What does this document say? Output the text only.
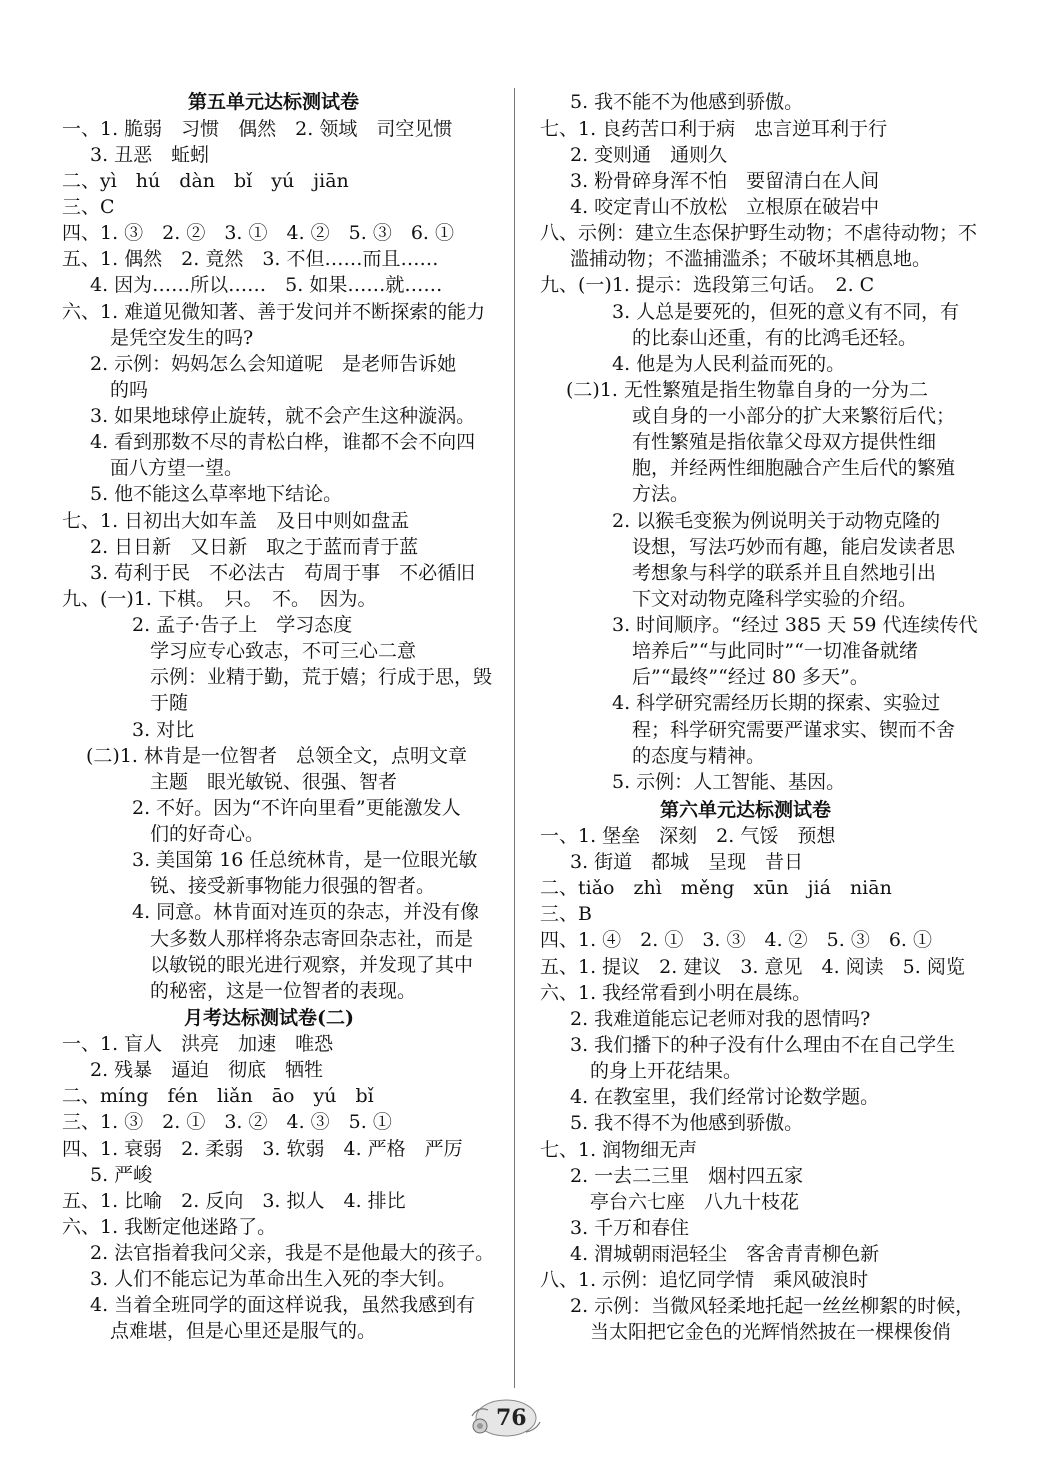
第五单元达标测试卷
一、1. 脆弱　习惯　偶然　2. 领域　司空见惯
3. 丑恶　蚯蚓
二、yì　hú　dàn　bǐ　yú　jiān
三、C
四、1. ③　2. ②　3. ①　4. ②　5. ③　6. ①
五、1. 偶然　2. 竟然　3. 不但……而且……
4. 因为……所以……　5. 如果……就……
六、1. 难道见微知著、善于发问并不断探索的能力
是凭空发生的吗?
2. 示例：妈妈怎么会知道呢　是老师告诉她
的吗
3. 如果地球停止旋转，就不会产生这种漩涡。
4. 看到那数不尽的青松白桦，谁都不会不向四
面八方望一望。
5. 他不能这么草率地下结论。
七、1. 日初出大如车盖　及日中则如盘盂
2. 日日新　又日新　取之于蓝而青于蓝
3. 苟利于民　不必法古　苟周于事　不必循旧
九、(一)1. 下棋。　只。　不。　因为。
2. 孟子·告子上　学习态度
学习应专心致志，不可三心二意
示例：业精于勤，荒于嬉；行成于思，毁
于随
3. 对比
(二)1. 林肯是一位智者　总领全文，点明文章
主题　眼光敏锐、很强、智者
2. 不好。因为“不许向里看”更能激发人
们的好奇心。
3. 美国第 16 任总统林肯，是一位眼光敏
锐、接受新事物能力很强的智者。
4. 同意。林肯面对连页的杂志，并没有像
大多数人那样将杂志寄回杂志社，而是
以敏锐的眼光进行观察，并发现了其中
的秘密，这是一位智者的表现。
月考达标测试卷(二)
一、1. 盲人　洪亮　加速　唯恐
2. 残暴　逼迫　彻底　牺牲
二、míng　fén　liǎn　āo　yú　bǐ
三、1. ③　2. ①　3. ②　4. ③　5. ①
四、1. 衰弱　2. 柔弱　3. 软弱　4. 严格　严厉
5. 严峻
五、1. 比喻　2. 反向　3. 拟人　4. 排比
六、1. 我断定他迷路了。
2. 法官指着我问父亲，我是不是他最大的孩子。
3. 人们不能忘记为革命出生入死的李大钊。
4. 当着全班同学的面这样说我，虽然我感到有
点难堪，但是心里还是服气的。
5. 我不能不为他感到骄傲。
七、1. 良药苦口利于病　忠言逆耳利于行
2. 变则通　通则久
3. 粉骨碎身浑不怕　要留清白在人间
4. 咬定青山不放松　立根原在破岩中
八、示例：建立生态保护野生动物；不虐待动物；不
滥捕动物；不滥捕滥杀；不破坏其栖息地。
九、(一)1. 提示：选段第三句话。　2. C
3. 人总是要死的，但死的意义有不同，有
的比泰山还重，有的比鸿毛还轻。
4. 他是为人民利益而死的。
(二)1. 无性繁殖是指生物靠自身的一分为二
或自身的一小部分的扩大来繁衍后代；
有性繁殖是指依靠父母双方提供性细
胞，并经两性细胞融合产生后代的繁殖
方法。
2. 以猴毛变猴为例说明关于动物克隆的
设想，写法巧妙而有趣，能启发读者思
考想象与科学的联系并且自然地引出
下文对动物克隆科学实验的介绍。
3. 时间顺序。“经过 385 天 59 代连续传代
培养后”“与此同时”“一切准备就绪
后”“最终”“经过 80 多天”。
4. 科学研究需经历长期的探索、实验过
程；科学研究需要严谨求实、锲而不舍
的态度与精神。
5. 示例：人工智能、基因。
第六单元达标测试卷
一、1. 堡垒　深刻　2. 气馁　预想
3. 街道　都城　呈现　昔日
二、tiǎo　zhì　měng　xūn　jiá　niān
三、B
四、1. ④　2. ①　3. ③　4. ②　5. ③　6. ①
五、1. 提议　2. 建议　3. 意见　4. 阅读　5. 阅览
六、1. 我经常看到小明在晨练。
2. 我难道能忘记老师对我的恩情吗?
3. 我们播下的种子没有什么理由不在自己学生
的身上开花结果。
4. 在教室里，我们经常讨论数学题。
5. 我不得不为他感到骄傲。
七、1. 润物细无声
2. 一去二三里　烟村四五家
亭台六七座　八九十枝花
3. 千万和春住
4. 渭城朝雨浥轻尘　客舍青青柳色新
八、1. 示例：追忆同学情　乘风破浪时
2. 示例：当微风轻柔地托起一丝丝柳絮的时候，
当太阳把它金色的光辉悄然披在一棵棵俊俏
76
